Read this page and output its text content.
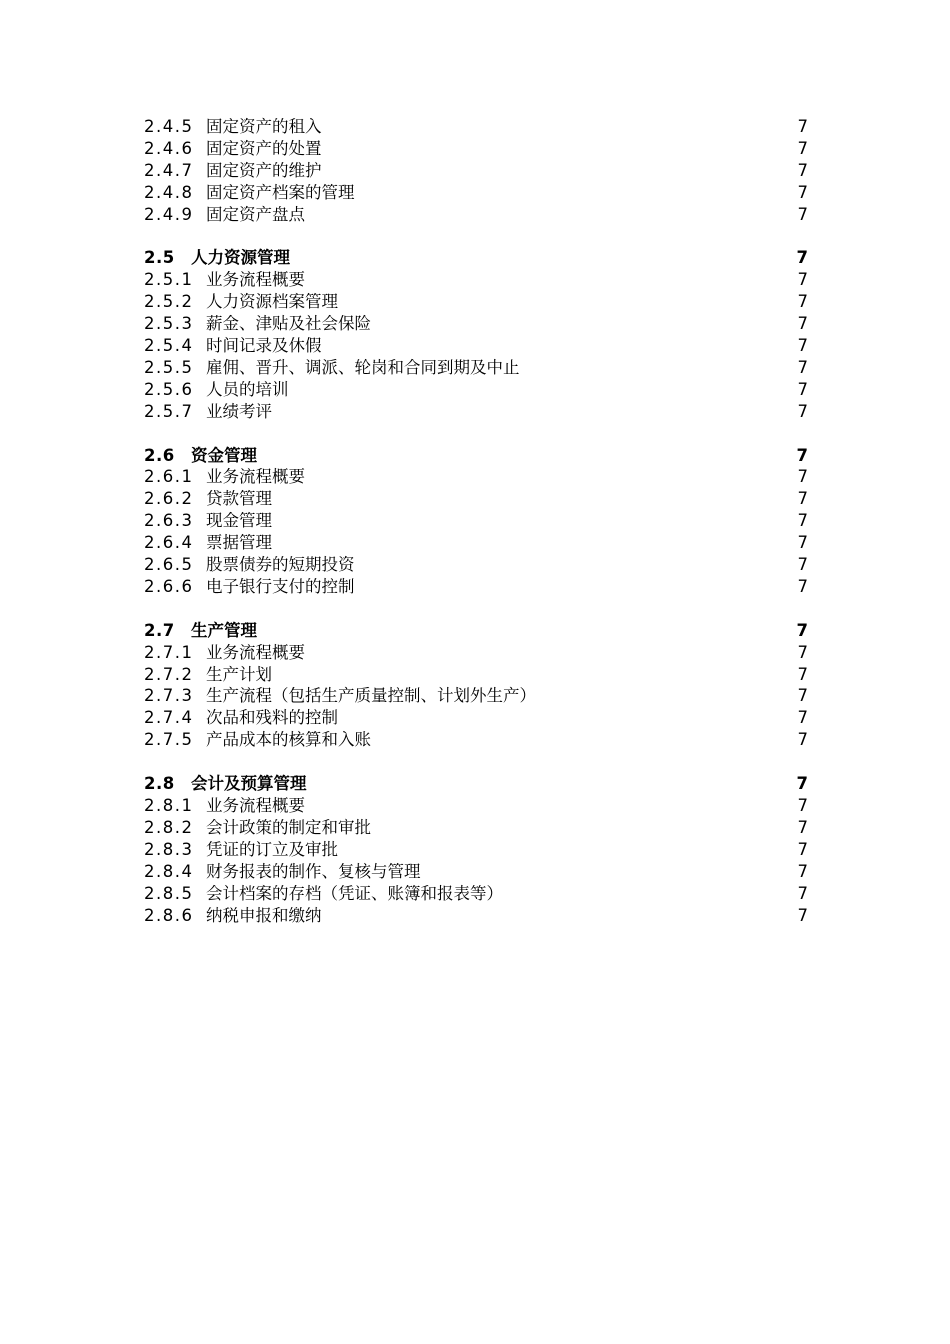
2.4.5 固定资产的租入	7
2.4.6 固定资产的处置	7
2.4.7 固定资产的维护	7
2.4.8 固定资产档案的管理	7
2.4.9 固定资产盘点	7
2.5 人力资源管理	7
2.5.1 业务流程概要	7
2.5.2 人力资源档案管理	7
2.5.3 薪金、津贴及社会保险	7
2.5.4 时间记录及休假	7
2.5.5 雇佣、晋升、调派、轮岗和合同到期及中止	7
2.5.6 人员的培训	7
2.5.7 业绩考评	7
2.6 资金管理	7
2.6.1 业务流程概要	7
2.6.2 贷款管理	7
2.6.3 现金管理	7
2.6.4 票据管理	7
2.6.5 股票债券的短期投资	7
2.6.6 电子银行支付的控制	7
2.7 生产管理	7
2.7.1 业务流程概要	7
2.7.2 生产计划	7
2.7.3 生产流程（包括生产质量控制、计划外生产）	7
2.7.4 次品和残料的控制	7
2.7.5 产品成本的核算和入账	7
2.8 会计及预算管理	7
2.8.1 业务流程概要	7
2.8.2 会计政策的制定和审批	7
2.8.3 凭证的订立及审批	7
2.8.4 财务报表的制作、复核与管理	7
2.8.5 会计档案的存档（凭证、账簿和报表等）	7
2.8.6 纳税申报和缴纳	7
